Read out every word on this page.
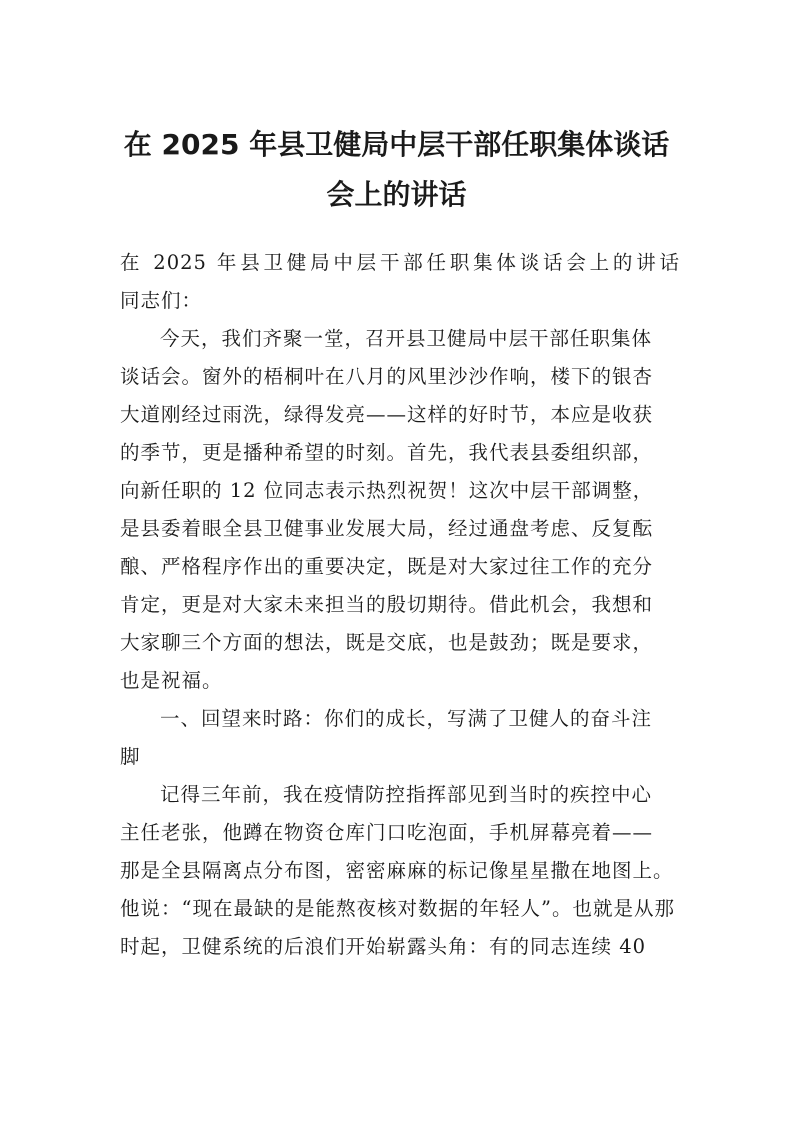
在 2025 年县卫健局中层干部任职集体谈话
会上的讲话
在 2025 年县卫健局中层干部任职集体谈话会上的讲话
同志们：
今天，我们齐聚一堂，召开县卫健局中层干部任职集体
谈话会。窗外的梧桐叶在八月的风里沙沙作响，楼下的银杏
大道刚经过雨洗，绿得发亮——这样的好时节，本应是收获
的季节，更是播种希望的时刻。首先，我代表县委组织部，
向新任职的 12 位同志表示热烈祝贺！这次中层干部调整，
是县委着眼全县卫健事业发展大局，经过通盘考虑、反复酝
酿、严格程序作出的重要决定，既是对大家过往工作的充分
肯定，更是对大家未来担当的殷切期待。借此机会，我想和
大家聊三个方面的想法，既是交底，也是鼓劲；既是要求，
也是祝福。
一、回望来时路：你们的成长，写满了卫健人的奋斗注
脚
记得三年前，我在疫情防控指挥部见到当时的疾控中心
主任老张，他蹲在物资仓库门口吃泡面，手机屏幕亮着——
那是全县隔离点分布图，密密麻麻的标记像星星撒在地图上。
他说：“现在最缺的是能熬夜核对数据的年轻人”。也就是从那
时起，卫健系统的后浪们开始崭露头角：有的同志连续 40
